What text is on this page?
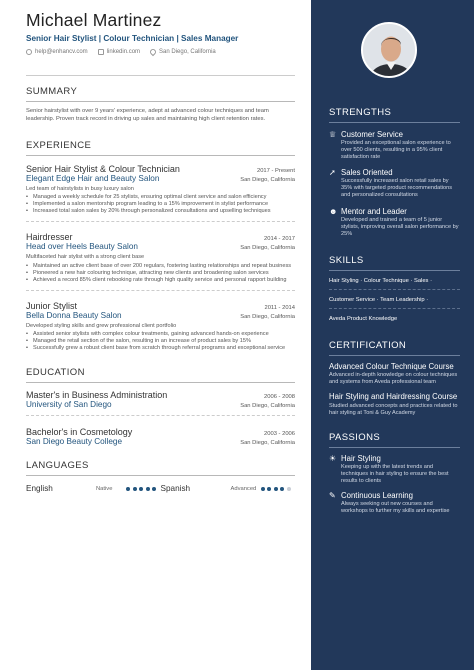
Michael Martinez
Senior Hair Stylist | Colour Technician | Sales Manager
help@enhancv.com	linkedin.com	San Diego, California
SUMMARY
Senior hairstylist with over 9 years' experience, adept at advanced colour techniques and team leadership. Proven track record in driving up sales and maintaining high client retention rates.
EXPERIENCE
Senior Hair Stylist & Colour Technician	2017 - Present
Elegant Edge Hair and Beauty Salon	San Diego, California
Led team of hairstylists in busy luxury salon
• Managed a weekly schedule for 25 stylists, ensuring optimal client service and salon efficiency
• Implemented a salon mentorship program leading to a 15% improvement in stylist performance
• Increased total salon sales by 20% through personalized consultations and upselling techniques
Hairdresser	2014 - 2017
Head over Heels Beauty Salon	San Diego, California
Multifaceted hair stylist with a strong client base
• Maintained an active client base of over 200 regulars, fostering lasting relationships and repeat business
• Pioneered a new hair colouring technique, attracting new clients and broadening salon services
• Achieved a record 85% client rebooking rate through high quality service and personal rapport building
Junior Stylist	2011 - 2014
Bella Donna Beauty Salon	San Diego, California
Developed styling skills and grew professional client portfolio
• Assisted senior stylists with complex colour treatments, gaining advanced hands-on experience
• Managed the retail section of the salon, resulting in an increase of product sales by 15%
• Successfully grew a robust client base from scratch through referral programs and exceptional service
EDUCATION
Master's in Business Administration	2006 - 2008
University of San Diego	San Diego, California
Bachelor's in Cosmetology	2003 - 2006
San Diego Beauty College	San Diego, California
LANGUAGES
English	Native	Spanish	Advanced
STRENGTHS
♕ Customer Service
Provided an exceptional salon experience to over 500 clients, resulting in a 95% client satisfaction rate
➚ Sales Oriented
Successfully increased salon retail sales by 35% with targeted product recommendations and personalized consultations
☻ Mentor and Leader
Developed and trained a team of 5 junior stylists, improving overall salon performance by 25%
SKILLS
Hair Styling · Colour Technique · Sales ·
Customer Service · Team Leadership ·
Aveda Product Knowledge
CERTIFICATION
Advanced Colour Technique Course
Advanced in-depth knowledge on colour techniques and systems from Aveda professional team
Hair Styling and Hairdressing Course
Studied advanced concepts and practices related to hair styling at Toni & Guy Academy
PASSIONS
☀ Hair Styling
Keeping up with the latest trends and techniques in hair styling to ensure the best results to clients
✎ Continuous Learning
Always seeking out new courses and workshops to further my skills and expertise
